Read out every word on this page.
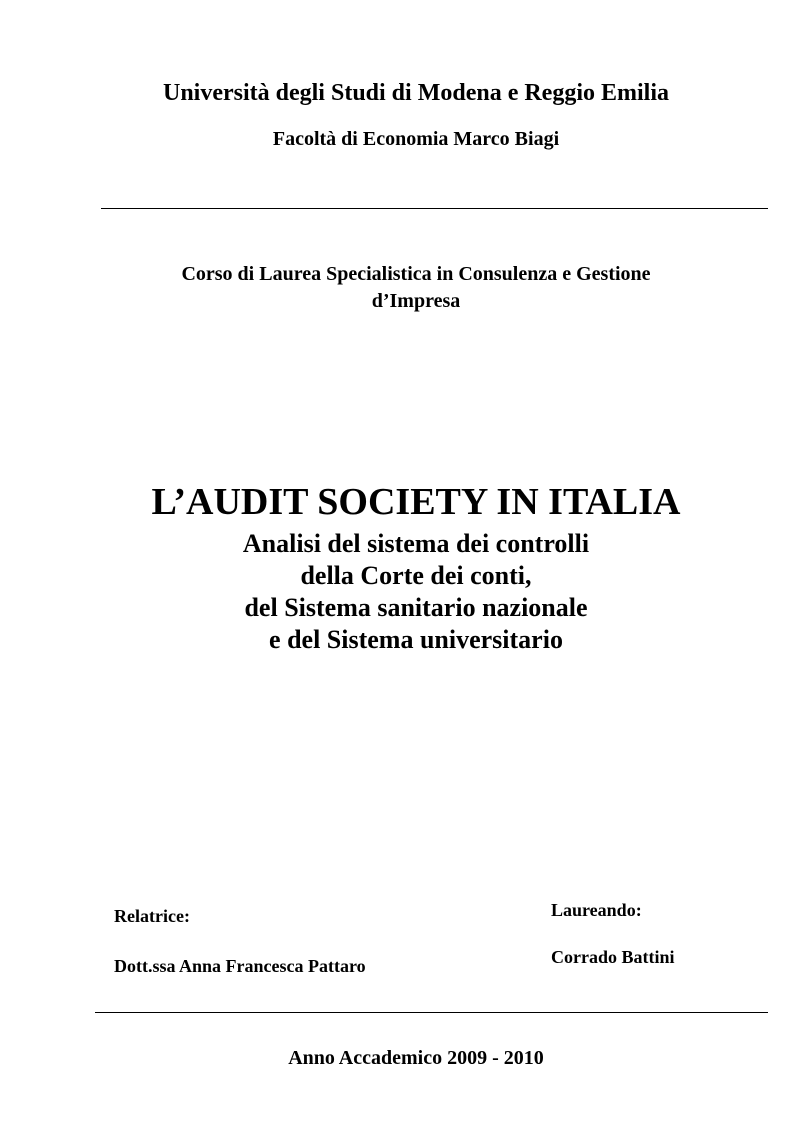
Università degli Studi di Modena e Reggio Emilia
Facoltà di Economia Marco Biagi
Corso di Laurea Specialistica in Consulenza e Gestione
d’Impresa
L’AUDIT SOCIETY IN ITALIA
Analisi del sistema dei controlli
della Corte dei conti,
del Sistema sanitario nazionale
e del Sistema universitario
Relatrice:
Dott.ssa Anna Francesca Pattaro
Laureando:
Corrado Battini
Anno Accademico 2009 - 2010
